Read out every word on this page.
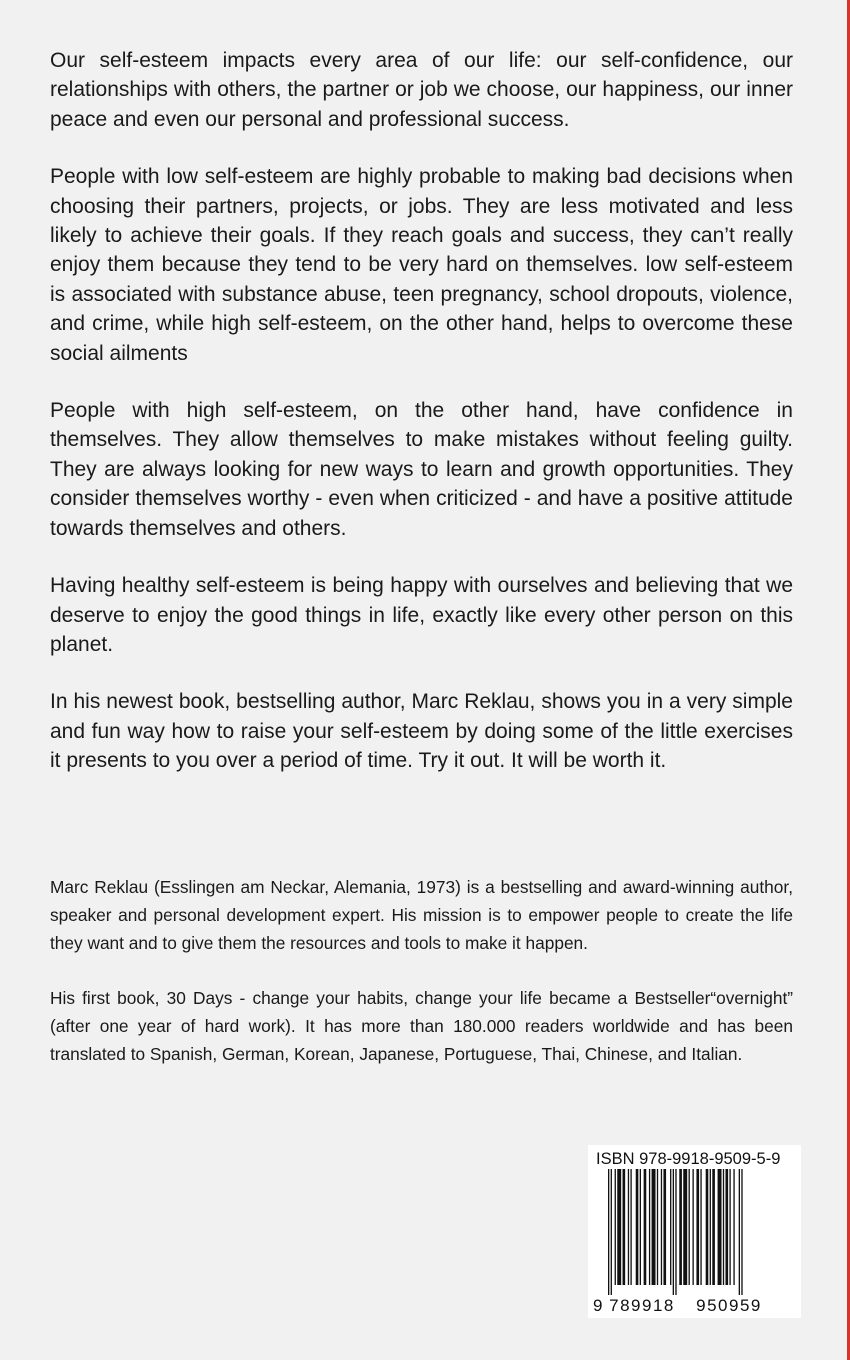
Our self-esteem impacts every area of our life: our self-confidence, our relationships with others, the partner or job we choose, our happiness, our inner peace and even our personal and professional success.

People with low self-esteem are highly probable to making bad decisions when choosing their partners, projects, or jobs. They are less motivated and less likely to achieve their goals. If they reach goals and success, they can’t really enjoy them because they tend to be very hard on themselves. low self-esteem is associated with substance abuse, teen pregnancy, school dropouts, violence, and crime, while high self-esteem, on the other hand, helps to overcome these social ailments

People with high self-esteem, on the other hand, have confidence in themselves. They allow themselves to make mistakes without feeling guilty. They are always looking for new ways to learn and growth opportunities. They consider themselves worthy - even when criticized - and have a positive attitude towards themselves and others.

Having healthy self-esteem is being happy with ourselves and believing that we deserve to enjoy the good things in life, exactly like every other person on this planet.

In his newest book, bestselling author, Marc Reklau, shows you in a very simple and fun way how to raise your self-esteem by doing some of the little exercises it presents to you over a period of time. Try it out. It will be worth it.

Marc Reklau (Esslingen am Neckar, Alemania, 1973) is a bestselling and award-winning author, speaker and personal development expert. His mission is to empower people to create the life they want and to give them the resources and tools to make it happen.

His first book, 30 Days - change your habits, change your life became a Bestseller“overnight” (after one year of hard work). It has more than 180.000 readers worldwide and has been translated to Spanish, German, Korean, Japanese, Portuguese, Thai, Chinese, and Italian.

ISBN 978-9918-9509-5-9
9 789918 950959
